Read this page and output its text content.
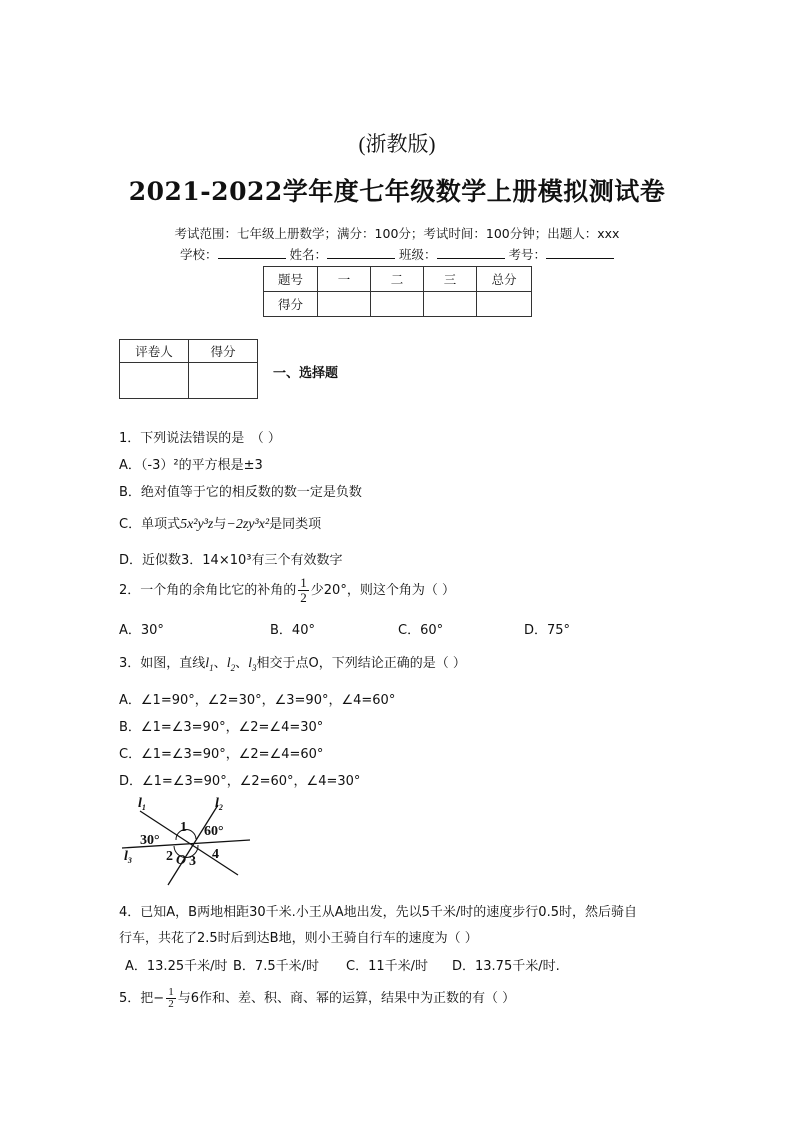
(浙教版)
2021-2022学年度七年级数学上册模拟测试卷
考试范围：七年级上册数学；满分：100分；考试时间：100分钟；出题人：xxx
学校：	姓名：	班级：	考号：
题号	一	二	三	总分
得分				
评卷人	得分

一、选择题
1．下列说法错误的是　（ ）
A．（-3）²的平方根是±3
B．绝对值等于它的相反数的数一定是负数
C．单项式5x²y³z与−2zy³x²是同类项
D．近似数3．14×10³有三个有效数字
2．一个角的余角比它的补角的 $\frac{1}{2}$ 少20°，则这个角为（ ）
A．30°	B．40°	C．60°	D．75°
3．如图，直线$l_1$、$l_2$、$l_3$相交于点O，下列结论正确的是（ ）
A．∠1=90°，∠2=30°，∠3=90°，∠4=60°
B．∠1=∠3=90°，∠2=∠4=30°
C．∠1=∠3=90°，∠2=∠4=60°
D．∠1=∠3=90°，∠2=60°，∠4=30°
$l_1$	$l_2$
$l_3$
30°
60°
1
2 O 3 4
4．已知A，B两地相距30千米.小王从A地出发，先以5千米/时的速度步行0.5时，然后骑自
行车，共花了2.5时后到达B地，则小王骑自行车的速度为（ ）
A．13.25千米/时 B．7.5千米/时 C．11千米/时 D．13.75千米/时.
5．把− $\frac{1}{2}$ 与6作和、差、积、商、幂的运算，结果中为正数的有（ ）
